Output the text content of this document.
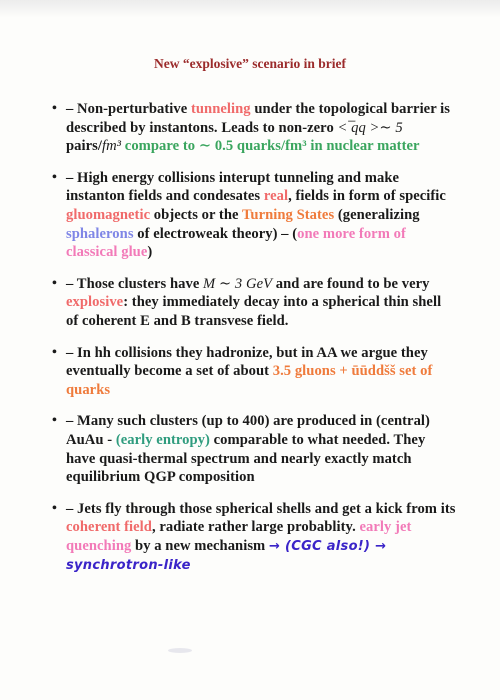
New “explosive” scenario in brief
• – Non-perturbative tunneling under the topological barrier is described by instantons. Leads to non-zero < ̅qq >∼ 5 pairs/fm³ compare to ∼ 0.5 quarks/fm³ in nuclear matter
• – High energy collisions interupt tunneling and make instanton fields and condesates real, fields in form of specific gluomagnetic objects or the Turning States (generalizing sphalerons of electroweak theory) – (one more form of classical glue)
• – Those clusters have M ∼ 3 GeV and are found to be very explosive: they immediately decay into a spherical thin shell of coherent E and B transvese field.
• – In hh collisions they hadronize, but in AA we argue they eventually become a set of about 3.5 gluons + ūūddšš set of quarks
• – Many such clusters (up to 400) are produced in (central) AuAu - (early entropy) comparable to what needed. They have quasi-thermal spectrum and nearly exactly match equilibrium QGP composition
• – Jets fly through those spherical shells and get a kick from its coherent field, radiate rather large probablity. early jet quenching by a new mechanism → (CGC also!) → synchrotron-like
